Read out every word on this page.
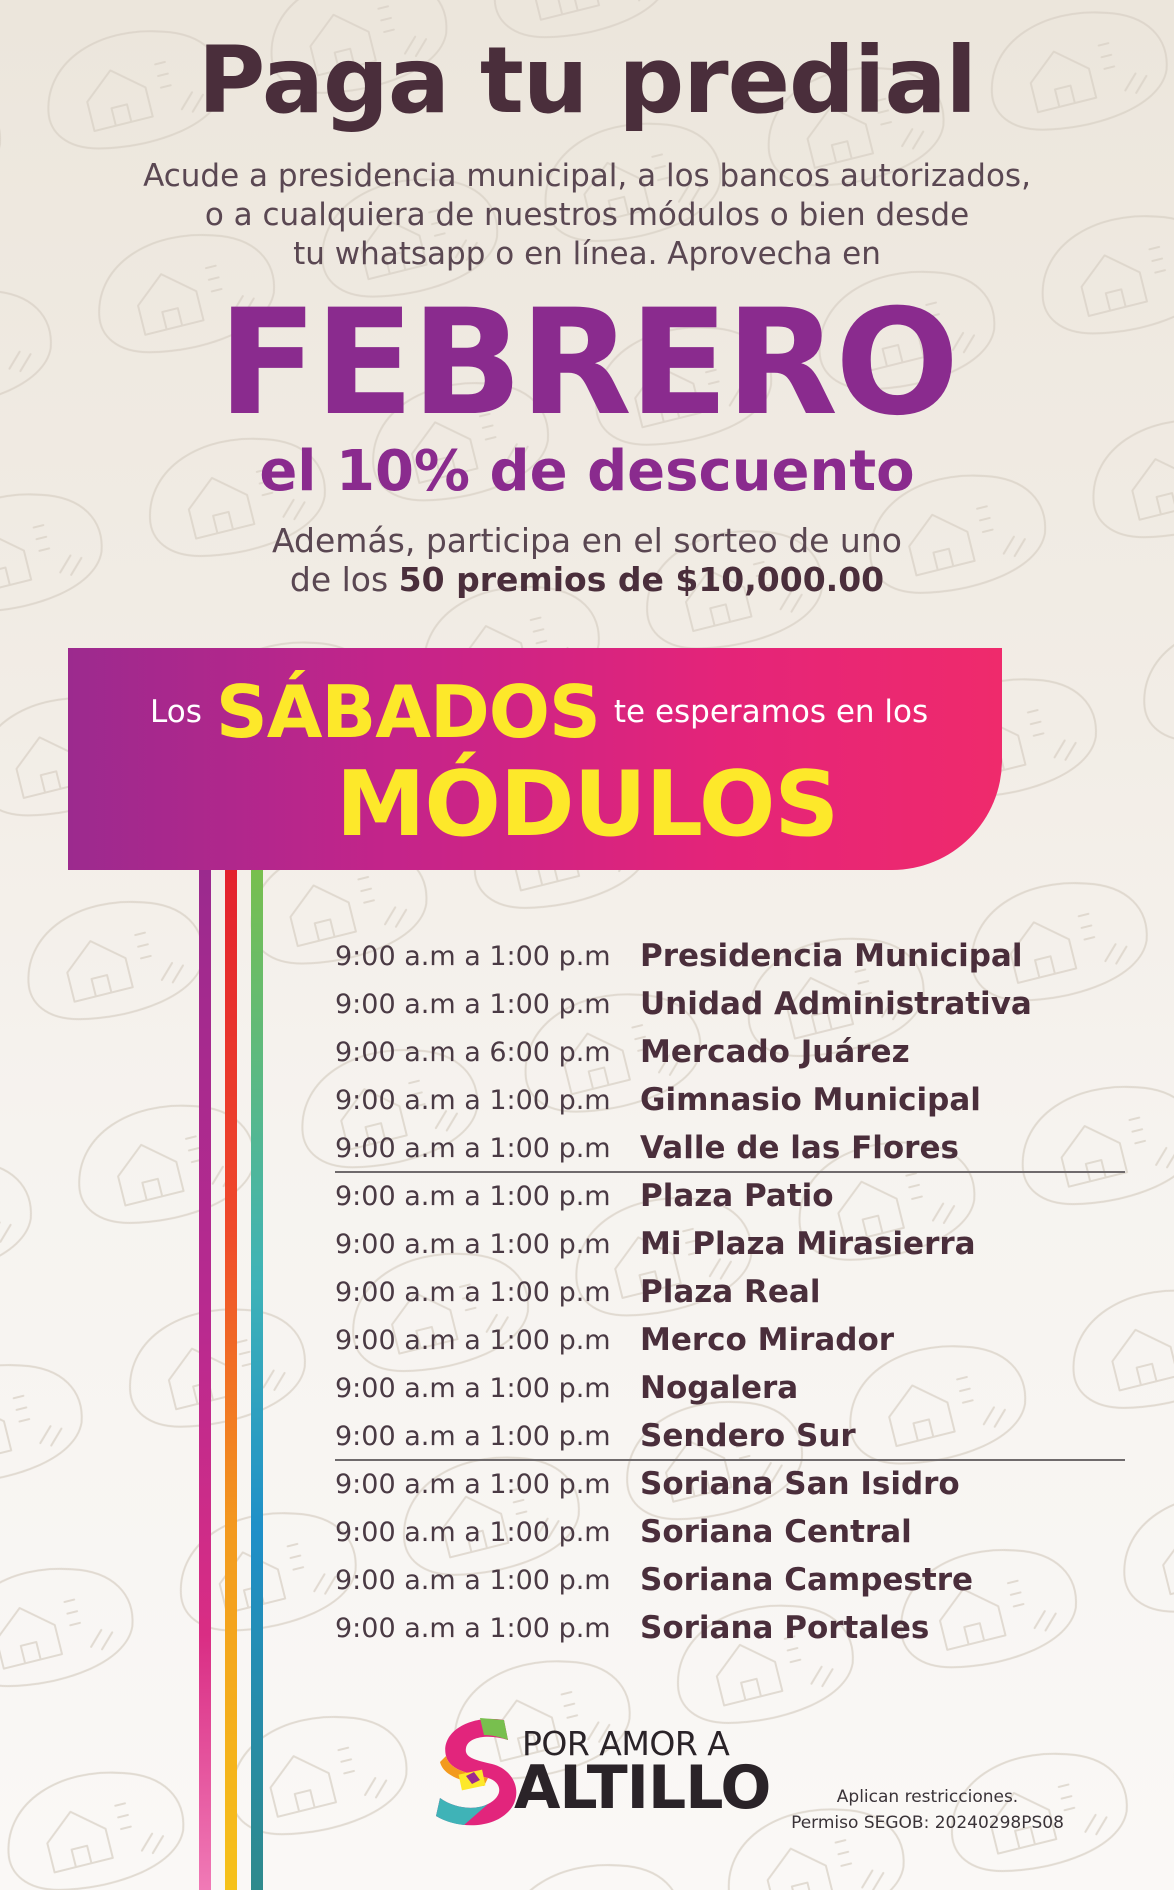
Paga tu predial

Acude a presidencia municipal, a los bancos autorizados,
o a cualquiera de nuestros módulos o bien desde
tu whatsapp o en línea. Aprovecha en

FEBRERO
el 10% de descuento

Además, participa en el sorteo de uno
de los 50 premios de $10,000.00

Los SÁBADOS te esperamos en los
MÓDULOS
9:00 a.m a 1:00 p.m Presidencia Municipal
9:00 a.m a 1:00 p.m Unidad Administrativa
9:00 a.m a 6:00 p.m Mercado Juárez
9:00 a.m a 1:00 p.m Gimnasio Municipal
9:00 a.m a 1:00 p.m Valle de las Flores
9:00 a.m a 1:00 p.m Plaza Patio
9:00 a.m a 1:00 p.m Mi Plaza Mirasierra
9:00 a.m a 1:00 p.m Plaza Real
9:00 a.m a 1:00 p.m Merco Mirador
9:00 a.m a 1:00 p.m Nogalera
9:00 a.m a 1:00 p.m Sendero Sur
9:00 a.m a 1:00 p.m Soriana San Isidro
9:00 a.m a 1:00 p.m Soriana Central
9:00 a.m a 1:00 p.m Soriana Campestre
9:00 a.m a 1:00 p.m Soriana Portales
POR AMOR A
ALTILLO	Aplican restricciones.
Permiso SEGOB: 20240298PS08
